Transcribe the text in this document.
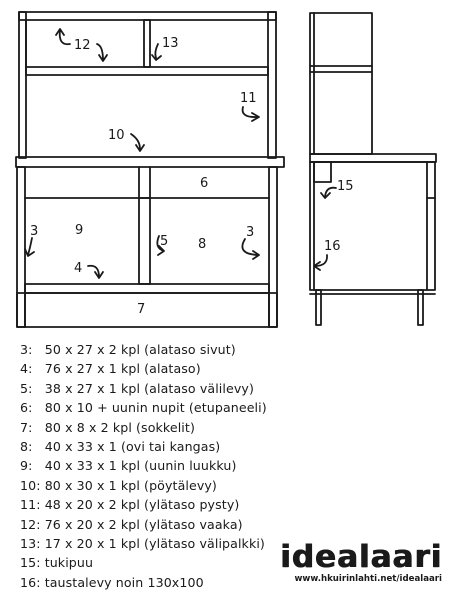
12	13
11
10
6
9
3	3
5 8
4
7
15
16
3: 50 x 27 x 2 kpl (alataso sivut)
4: 76 x 27 x 1 kpl (alataso)
5: 38 x 27 x 1 kpl (alataso välilevy)
6: 80 x 10 + uunin nupit (etupaneeli)
7: 80 x 8 x 2 kpl (sokkelit)
8: 40 x 33 x 1 (ovi tai kangas)
9: 40 x 33 x 1 kpl (uunin luukku)
10: 80 x 30 x 1 kpl (pöytälevy)
11: 48 x 20 x 2 kpl (ylätaso pysty)
12: 76 x 20 x 2 kpl (ylätaso vaaka)
13: 17 x 20 x 1 kpl (ylätaso välipalkki)
15: tukipuu
16: taustalevy noin 130x100
idealaari
www.hkuirinlahti.net/idealaari
